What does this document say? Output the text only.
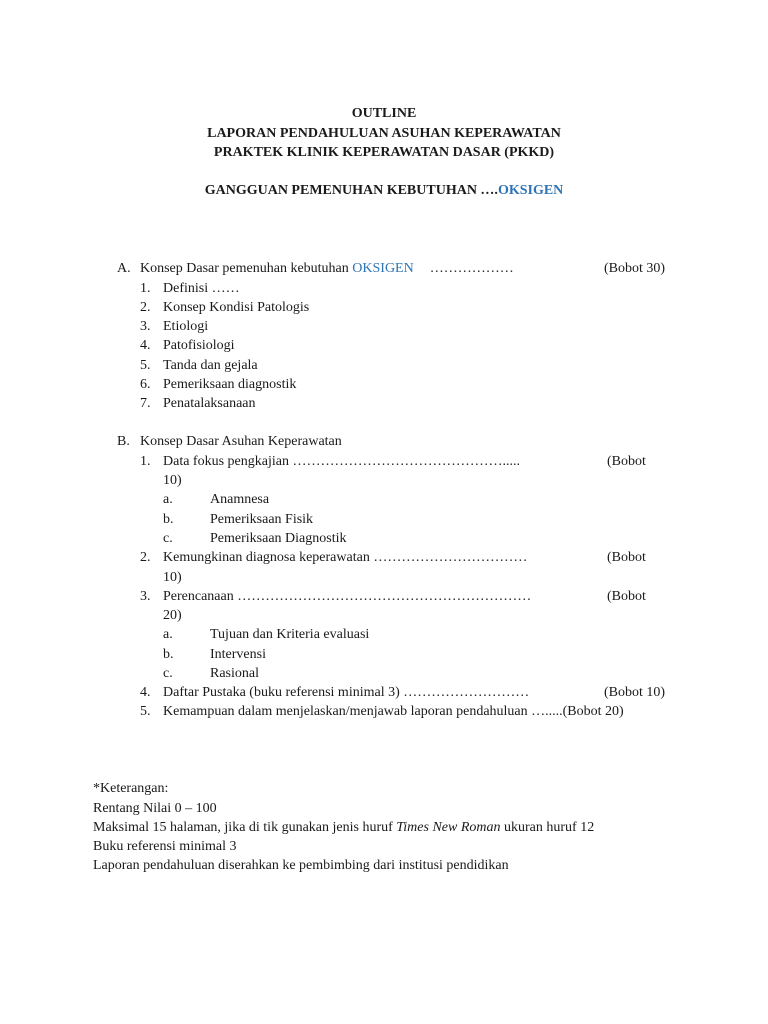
OUTLINE
LAPORAN PENDAHULUAN ASUHAN KEPERAWATAN
PRAKTEK KLINIK KEPERAWATAN DASAR (PKKD)
GANGGUAN PEMENUHAN KEBUTUHAN ….OKSIGEN
A. Konsep Dasar pemenuhan kebutuhan OKSIGEN ………………	(Bobot 30)
1. Definisi ……
2. Konsep Kondisi Patologis
3. Etiologi
4. Patofisiologi
5. Tanda dan gejala
6. Pemeriksaan diagnostik
7. Penatalaksanaan
B. Konsep Dasar Asuhan Keperawatan
1. Data fokus pengkajian ……………………………………….....	(Bobot
10)
a.	Anamnesa
b.	Pemeriksaan Fisik
c.	Pemeriksaan Diagnostik
2. Kemungkinan diagnosa keperawatan ……………………………	(Bobot
10)
3. Perencanaan ………………………………………………………	(Bobot
20)
a.	Tujuan dan Kriteria evaluasi
b.	Intervensi
c.	Rasional
4. Daftar Pustaka (buku referensi minimal 3) ………………………	(Bobot 10)
5. Kemampuan dalam menjelaskan/menjawab laporan pendahuluan ….....(Bobot 20)
*Keterangan:
Rentang Nilai 0 – 100
Maksimal 15 halaman, jika di tik gunakan jenis huruf Times New Roman ukuran huruf 12
Buku referensi minimal 3
Laporan pendahuluan diserahkan ke pembimbing dari institusi pendidikan
